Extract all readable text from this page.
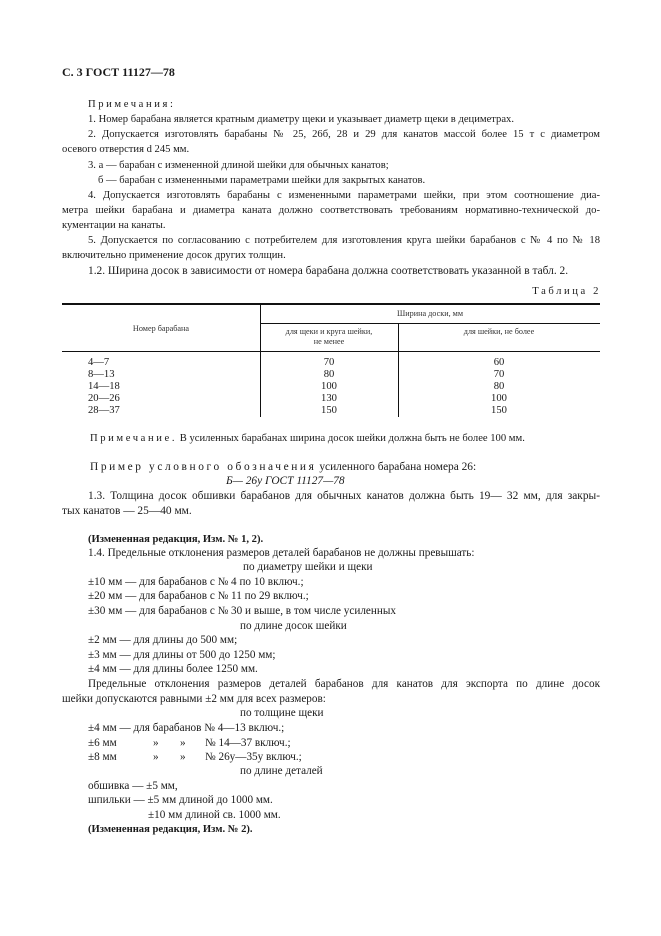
С. 3 ГОСТ 11127—78
Примечания:
1. Номер барабана является кратным диаметру щеки и указывает диаметр щеки в дециметрах.
2. Допускается изготовлять барабаны № 25, 26б, 28 и 29 для канатов массой более 15 т с диаметром
осевого отверстия d 245 мм.
3. а — барабан с измененной длиной шейки для обычных канатов;
б — барабан с измененными параметрами шейки для закрытых канатов.
4. Допускается изготовлять барабаны с измененными параметрами шейки, при этом соотношение диа-
метра шейки барабана и диаметра каната должно соответствовать требованиям нормативно-технической до-
кументации на канаты.
5. Допускается по согласованию с потребителем для изготовления круга шейки барабанов с № 4 по № 18
включительно применение досок других толщин.
1.2. Ширина досок в зависимости от номера барабана должна соответствовать указанной в табл. 2.
Таблица 2
Номер барабана
Ширина доски, мм
для щеки и круга шейки,
не менее
для шейки, не более
4—7	70	60
8—13	80	70
14—18	100	80
20—26	130	100
28—37	150	150
Примечание. В усиленных барабанах ширина досок шейки должна быть не более 100 мм.
Пример условного обозначения усиленного барабана номера 26:
Б— 26у ГОСТ 11127—78
1.3. Толщина досок обшивки барабанов для обычных канатов должна быть 19— 32 мм, для закры-
тых канатов — 25—40 мм.
(Измененная редакция, Изм. № 1, 2).
1.4. Предельные отклонения размеров деталей барабанов не должны превышать:
по диаметру шейки и щеки
±10 мм — для барабанов с № 4 по 10 включ.;
±20 мм — для барабанов с № 11 по 29 включ.;
±30 мм — для барабанов с № 30 и выше, в том числе усиленных
по длине досок шейки
±2 мм — для длины до 500 мм;
±3 мм — для длины от 500 до 1250 мм;
±4 мм — для длины более 1250 мм.
Предельные отклонения размеров деталей барабанов для канатов для экспорта по длине досок
шейки допускаются равными ±2 мм для всех размеров:
по толщине щеки
±4 мм — для барабанов № 4—13 включ.;
±6 мм	» » № 14—37 включ.;
±8 мм	» » № 26у—35у включ.;
по длине деталей
обшивка — ±5 мм,
шпильки — ±5 мм длиной до 1000 мм.
±10 мм длиной св. 1000 мм.
(Измененная редакция, Изм. № 2).
